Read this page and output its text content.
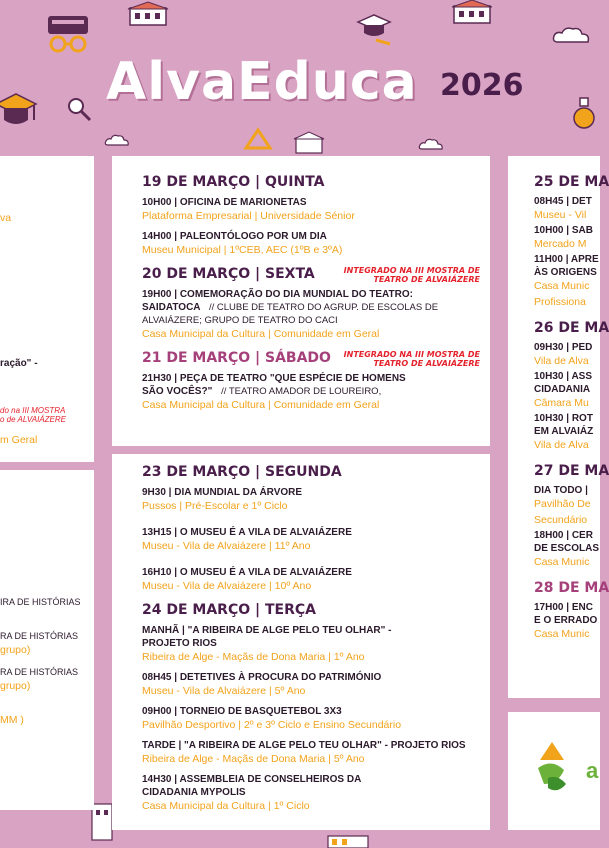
AlvaEduca 2026
va
ração" -
do na III MOSTRA
o de ALVAIÁZERE
m Geral
IRA DE HISTÓRIAS
RA DE HISTÓRIAS
grupo)
RA DE HISTÓRIAS
grupo)
MM )
19 DE MARÇO | QUINTA
10H00 | OFICINA DE MARIONETAS
Plataforma Empresarial | Universidade Sénior
14H00 | PALEONTÓLOGO POR UM DIA
Museu Municipal | 1ºCEB, AEC (1ºB e 3ºA)
20 DE MARÇO | SEXTA	INTEGRADO NA III MOSTRA DE TEATRO DE ALVAIÁZERE
19H00 | COMEMORAÇÃO DO DIA MUNDIAL DO TEATRO:
SAIDATOCA // CLUBE DE TEATRO DO AGRUP. DE ESCOLAS DE
ALVAIÁZERE; GRUPO DE TEATRO DO CACI
Casa Municipal da Cultura | Comunidade em Geral
21 DE MARÇO | SÁBADO	INTEGRADO NA III MOSTRA DE TEATRO DE ALVAIÁZERE
21H30 | PEÇA DE TEATRO "QUE ESPÉCIE DE HOMENS
SÃO VOCÊS?" // TEATRO AMADOR DE LOUREIRO,
Casa Municipal da Cultura | Comunidade em Geral
23 DE MARÇO | SEGUNDA
9H30 | DIA MUNDIAL DA ÁRVORE
Pussos | Pré-Escolar e 1º Ciclo
13H15 | O MUSEU É A VILA DE ALVAIÁZERE
Museu - Vila de Alvaiázere | 11º Ano
16H10 | O MUSEU É A VILA DE ALVAIÁZERE
Museu - Vila de Alvaiázere | 10º Ano
24 DE MARÇO | TERÇA
MANHÃ | "A RIBEIRA DE ALGE PELO TEU OLHAR" -
PROJETO RIOS
Ribeira de Alge - Maçãs de Dona Maria | 1º Ano
08H45 | DETETIVES À PROCURA DO PATRIMÓNIO
Museu - Vila de Alvaiázere | 5º Ano
09H00 | TORNEIO DE BASQUETEBOL 3X3
Pavilhão Desportivo | 2º e 3º Ciclo e Ensino Secundário
TARDE | "A RIBEIRA DE ALGE PELO TEU OLHAR" - PROJETO RIOS
Ribeira de Alge - Maçãs de Dona Maria | 5º Ano
14H30 | ASSEMBLEIA DE CONSELHEIROS DA
CIDADANIA MYPOLIS
Casa Municipal da Cultura | 1º Ciclo
25 DE MA
08H45 | DET
Museu - Vil
10H00 | SAB
Mercado M
11H00 | APRE
ÀS ORIGENS
Casa Munic
Profissiona
26 DE MA
09H30 | PED
Vila de Alva
10H30 | ASS
CIDADANIA
Câmara Mu
10H30 | ROT
EM ALVAIÁZ
Vila de Alva
27 DE MA
DIA TODO |
Pavilhão De
Secundário
18H00 | CER
DE ESCOLAS
Casa Munic
28 DE MA
17H00 | ENC
E O ERRADO
Casa Munic
a
